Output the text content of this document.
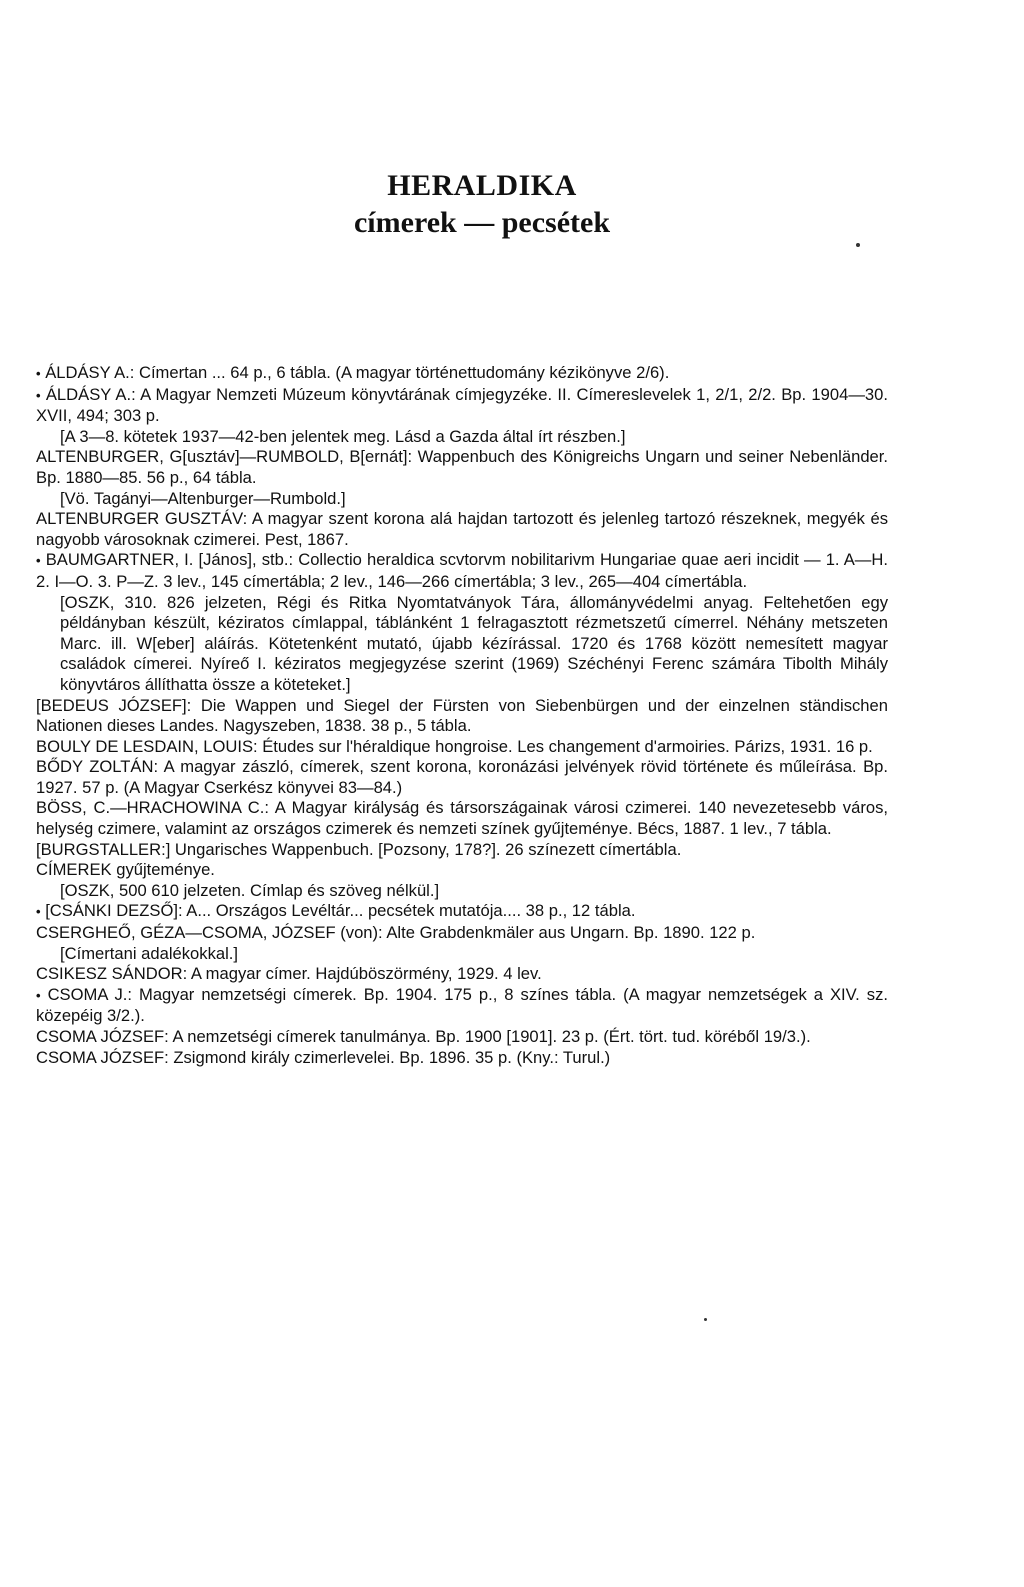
HERALDIKA
címerek — pecsétek

• ÁLDÁSY A.: Címertan ... 64 p., 6 tábla. (A magyar történettudomány kézikönyve 2/6).

• ÁLDÁSY A.: A Magyar Nemzeti Múzeum könyvtárának címjegyzéke. II. Címereslevelek 1, 2/1, 2/2. Bp. 1904—30. XVII, 494; 303 p.

[A 3—8. kötetek 1937—42-ben jelentek meg. Lásd a Gazda által írt részben.]

ALTENBURGER, G[usztáv]—RUMBOLD, B[ernát]: Wappenbuch des Königreichs Ungarn und seiner Nebenländer. Bp. 1880—85. 56 p., 64 tábla.

[Vö. Tagányi—Altenburger—Rumbold.]

ALTENBURGER GUSZTÁV: A magyar szent korona alá hajdan tartozott és jelenleg tartozó részeknek, megyék és nagyobb városoknak czimerei. Pest, 1867.

• BAUMGARTNER, I. [János], stb.: Collectio heraldica scvtorvm nobilitarivm Hungariae quae aeri incidit — 1. A—H. 2. I—O. 3. P—Z. 3 lev., 145 címertábla; 2 lev., 146—266 címertábla; 3 lev., 265—404 címertábla.

[OSZK, 310. 826 jelzeten, Régi és Ritka Nyomtatványok Tára, állományvédelmi anyag. Feltehetően egy példányban készült, kéziratos címlappal, táblánként 1 felragasztott rézmetszetű címerrel. Néhány metszeten Marc. ill. W[eber] aláírás. Kötetenként mutató, újabb kézírással. 1720 és 1768 között nemesített magyar családok címerei. Nyíreő I. kéziratos megjegyzése szerint (1969) Széchényi Ferenc számára Tibolth Mihály könyvtáros állíthatta össze a köteteket.]

[BEDEUS JÓZSEF]: Die Wappen und Siegel der Fürsten von Siebenbürgen und der einzelnen ständischen Nationen dieses Landes. Nagyszeben, 1838. 38 p., 5 tábla.

BOULY DE LESDAIN, LOUIS: Études sur l'héraldique hongroise. Les changement d'armoiries. Párizs, 1931. 16 p.

BŐDY ZOLTÁN: A magyar zászló, címerek, szent korona, koronázási jelvények rövid története és műleírása. Bp. 1927. 57 p. (A Magyar Cserkész könyvei 83—84.)

BÖSS, C.—HRACHOWINA C.: A Magyar királyság és társországainak városi czimerei. 140 nevezetesebb város, helység czimere, valamint az országos czimerek és nemzeti színek gyűjteménye. Bécs, 1887. 1 lev., 7 tábla.

[BURGSTALLER:] Ungarisches Wappenbuch. [Pozsony, 178?]. 26 színezett címertábla.

CÍMEREK gyűjteménye.

[OSZK, 500 610 jelzeten. Címlap és szöveg nélkül.]

• [CSÁNKI DEZSŐ]: A... Országos Levéltár... pecsétek mutatója.... 38 p., 12 tábla.

CSERGHEŐ, GÉZA—CSOMA, JÓZSEF (von): Alte Grabdenkmäler aus Ungarn. Bp. 1890. 122 p.

[Címertani adalékokkal.]

CSIKESZ SÁNDOR: A magyar címer. Hajdúböszörmény, 1929. 4 lev.

• CSOMA J.: Magyar nemzetségi címerek. Bp. 1904. 175 p., 8 színes tábla. (A magyar nemzetségek a XIV. sz. közepéig 3/2.).

CSOMA JÓZSEF: A nemzetségi címerek tanulmánya. Bp. 1900 [1901]. 23 p. (Ért. tört. tud. köréből 19/3.).

CSOMA JÓZSEF: Zsigmond király czimerlevelei. Bp. 1896. 35 p. (Kny.: Turul.)
